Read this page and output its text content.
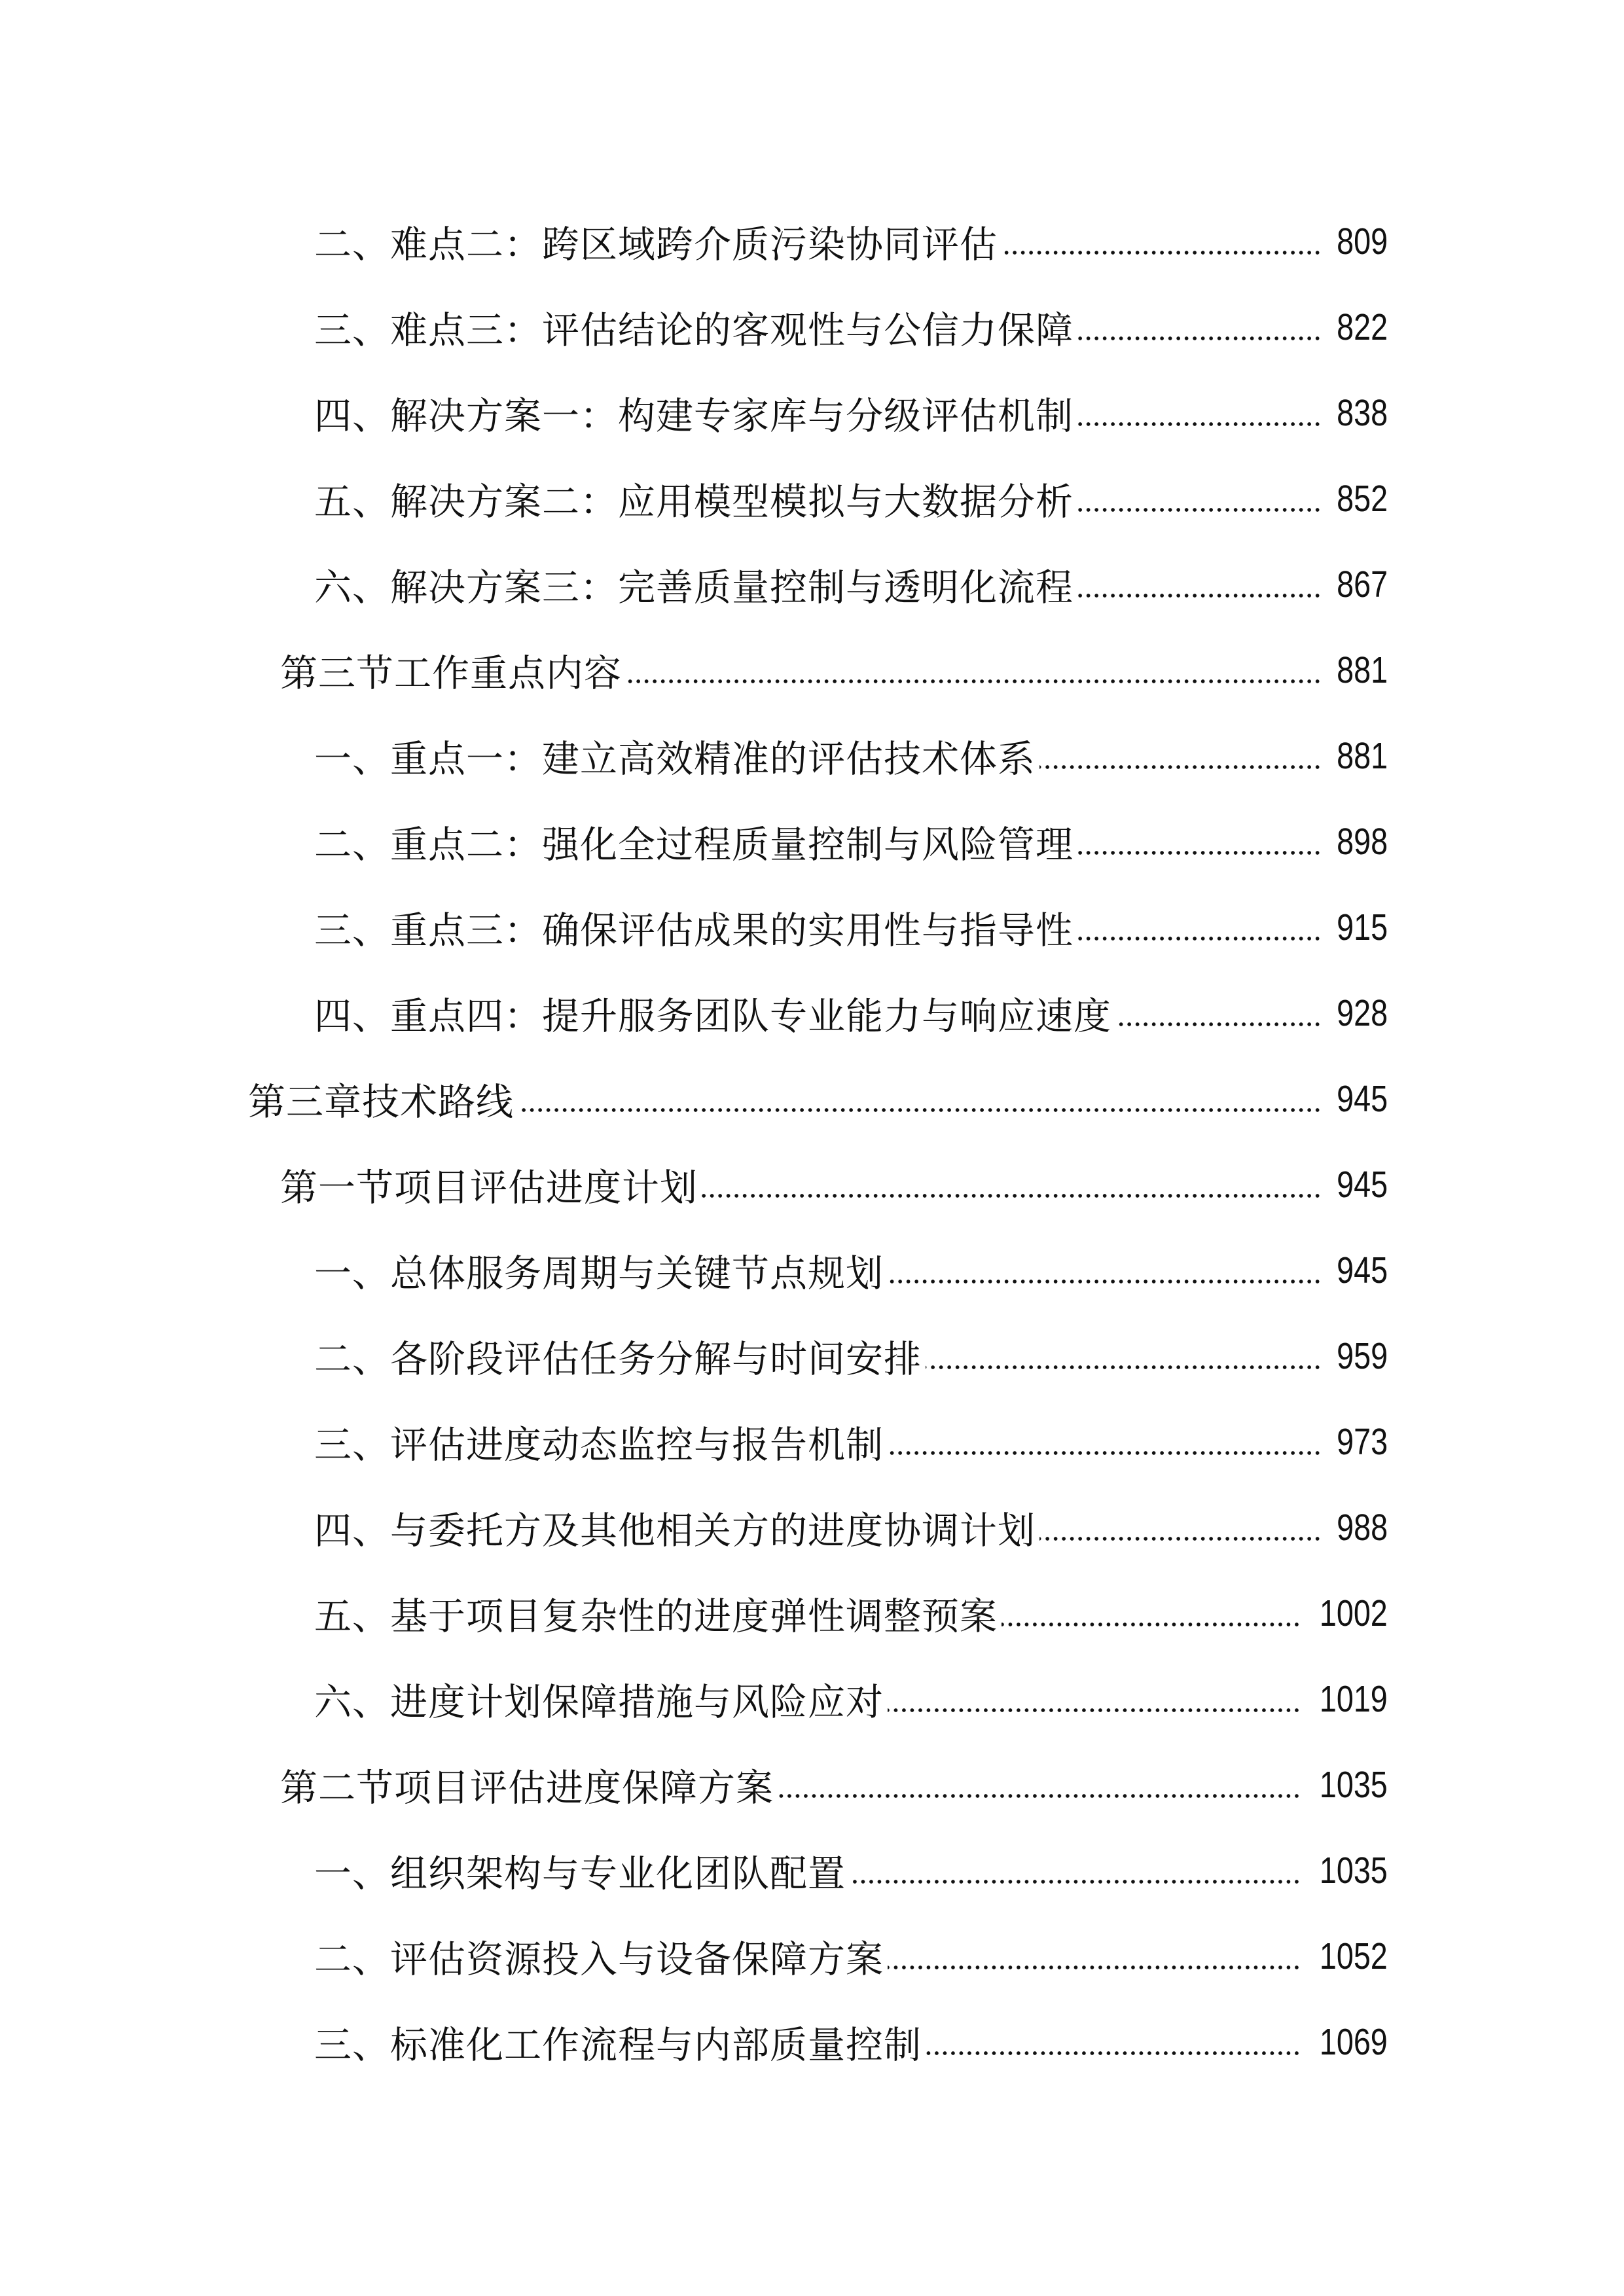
二、难点二：跨区域跨介质污染协同评估	809
三、难点三：评估结论的客观性与公信力保障	822
四、解决方案一：构建专家库与分级评估机制	838
五、解决方案二：应用模型模拟与大数据分析	852
六、解决方案三：完善质量控制与透明化流程	867
第三节工作重点内容	881
一、重点一：建立高效精准的评估技术体系	881
二、重点二：强化全过程质量控制与风险管理	898
三、重点三：确保评估成果的实用性与指导性	915
四、重点四：提升服务团队专业能力与响应速度	928
第三章技术路线	945
第一节项目评估进度计划	945
一、总体服务周期与关键节点规划	945
二、各阶段评估任务分解与时间安排	959
三、评估进度动态监控与报告机制	973
四、与委托方及其他相关方的进度协调计划	988
五、基于项目复杂性的进度弹性调整预案	1002
六、进度计划保障措施与风险应对	1019
第二节项目评估进度保障方案	1035
一、组织架构与专业化团队配置	1035
二、评估资源投入与设备保障方案	1052
三、标准化工作流程与内部质量控制	1069
